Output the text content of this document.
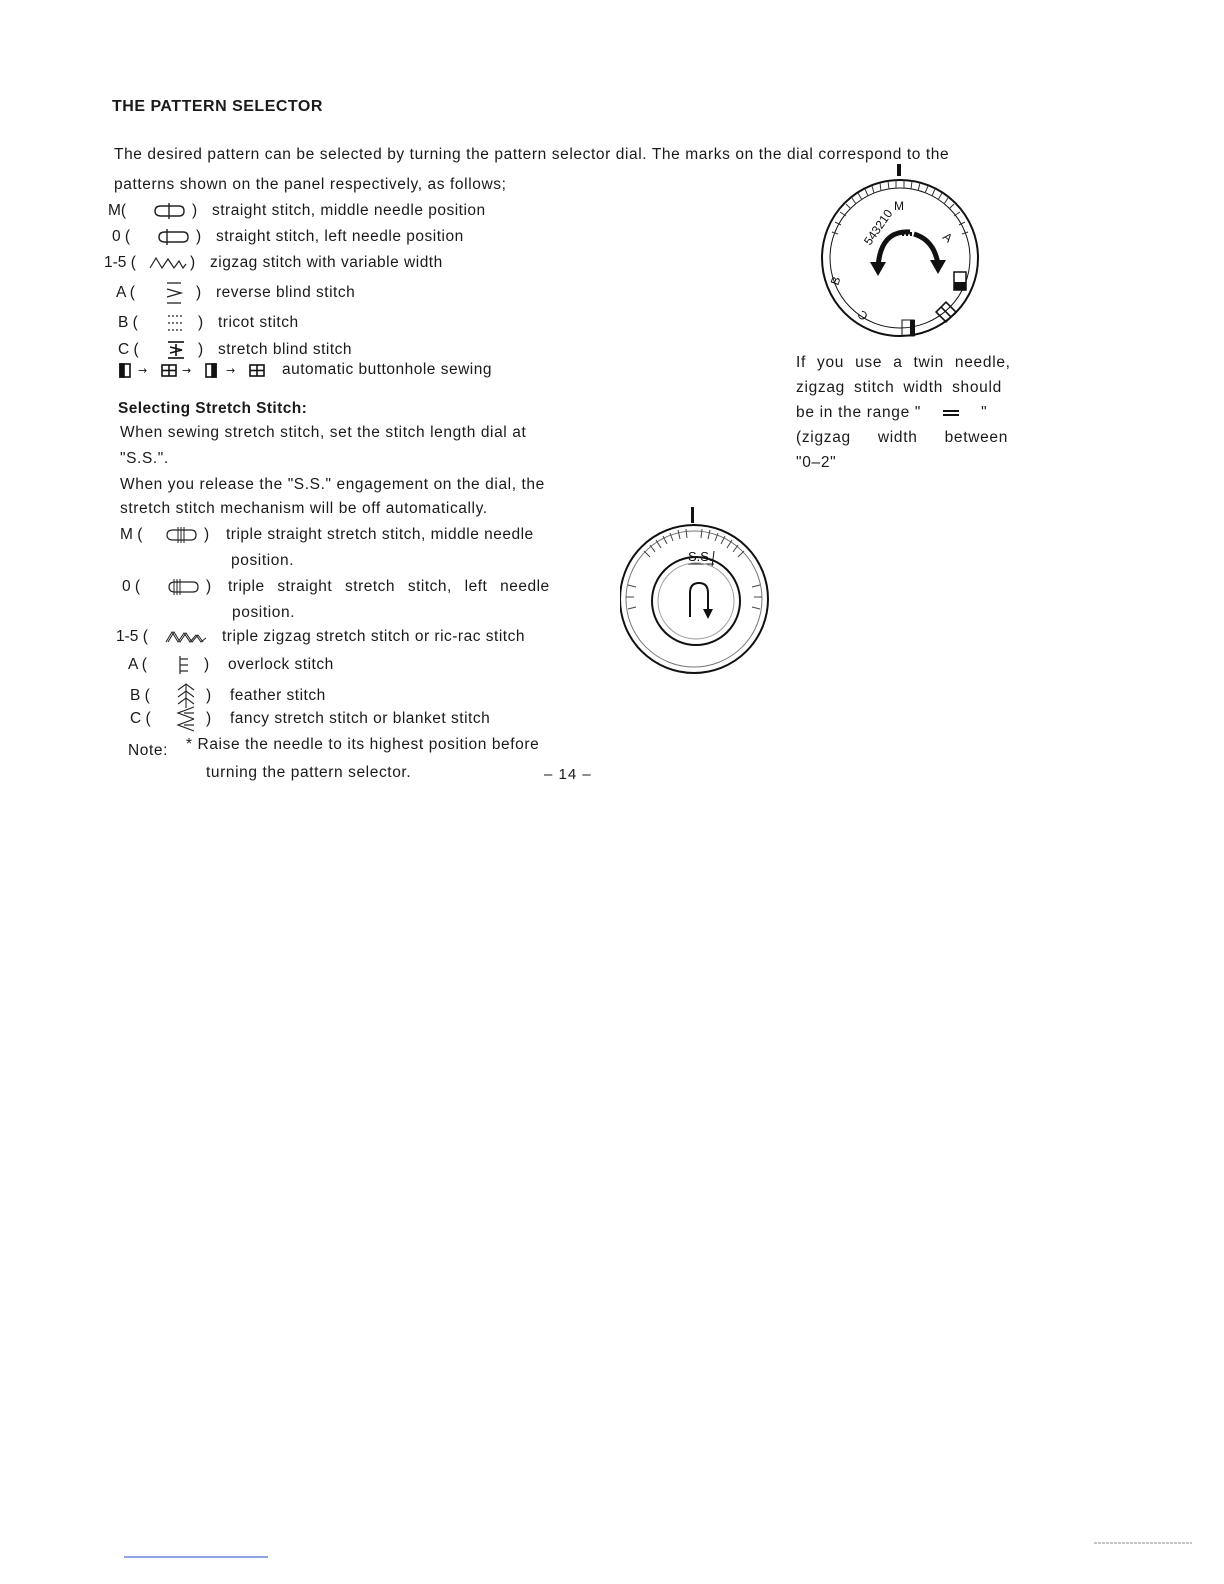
THE PATTERN SELECTOR
The desired pattern can be selected by turning the pattern selector dial. The marks on the dial correspond to the
patterns shown on the panel respectively, as follows;
M(	) straight stitch, middle needle position
0 (	) straight stitch, left needle position
1-5 (	) zigzag stitch with variable width
A (	) reverse blind stitch
B (	) tricot stitch
C (	) stretch blind stitch
→	→	→	automatic buttonhole sewing
Selecting Stretch Stitch:
When sewing stretch stitch, set the stitch length dial at
"S.S.".
When you release the "S.S." engagement on the dial, the
stretch stitch mechanism will be off automatically.
M (	) triple straight stretch stitch, middle needle
position.
0 (	) triple straight stretch stitch, left needle
position.
1-5 (	triple zigzag stretch stitch or ric-rac stitch
A (	) overlock stitch
B (	) feather stitch
C (	) fancy stretch stitch or blanket stitch
Note: * Raise the needle to its highest position before
turning the pattern selector.	– 14 –
If you use a twin needle,
zigzag stitch width should
be in the range "	"
(zigzag width between
"0–2"
543210
M
A
B
C
S.S.
